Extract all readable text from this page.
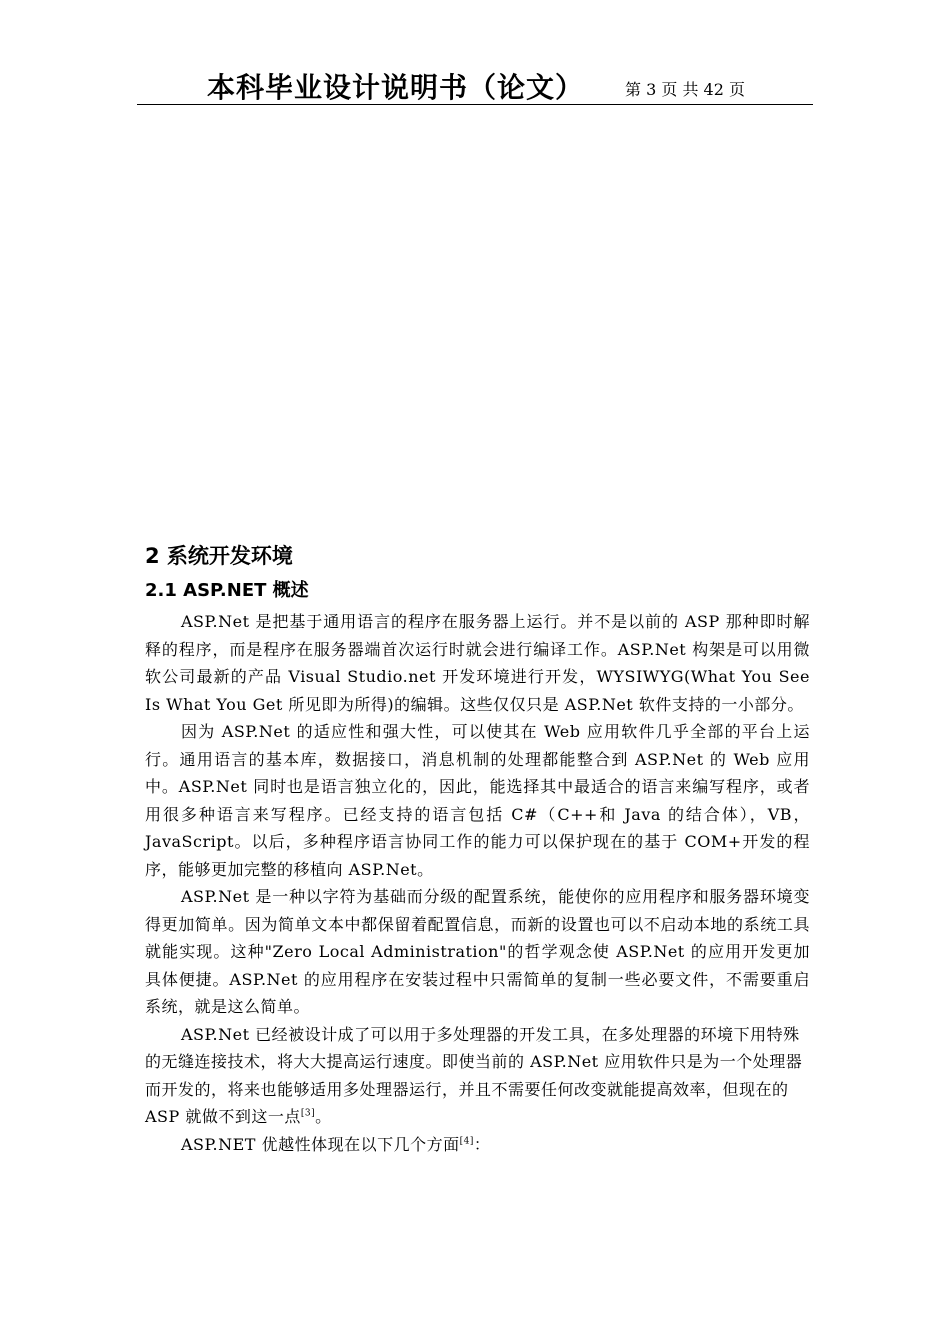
本科毕业设计说明书（论文）	第 3 页 共 42 页
2 系统开发环境
2.1 ASP.NET 概述

ASP.Net 是把基于通用语言的程序在服务器上运行。并不是以前的 ASP 那种即时解释的程序，而是程序在服务器端首次运行时就会进行编译工作。ASP.Net 构架是可以用微软公司最新的产品 Visual Studio.net 开发环境进行开发，WYSIWYG(What You See Is What You Get 所见即为所得)的编辑。这些仅仅只是 ASP.Net 软件支持的一小部分。

因为 ASP.Net 的适应性和强大性，可以使其在 Web 应用软件几乎全部的平台上运行。通用语言的基本库，数据接口，消息机制的处理都能整合到 ASP.Net 的 Web 应用中。ASP.Net 同时也是语言独立化的，因此，能选择其中最适合的语言来编写程序，或者用很多种语言来写程序。已经支持的语言包括 C#（C++和 Java 的结合体），VB，JavaScript。以后，多种程序语言协同工作的能力可以保护现在的基于 COM+开发的程序，能够更加完整的移植向 ASP.Net。

ASP.Net 是一种以字符为基础而分级的配置系统，能使你的应用程序和服务器环境变得更加简单。因为简单文本中都保留着配置信息，而新的设置也可以不启动本地的系统工具就能实现。这种"Zero Local Administration"的哲学观念使 ASP.Net 的应用开发更加具体便捷。ASP.Net 的应用程序在安装过程中只需简单的复制一些必要文件，不需要重启系统，就是这么简单。

ASP.Net 已经被设计成了可以用于多处理器的开发工具，在多处理器的环境下用特殊的无缝连接技术，将大大提高运行速度。即使当前的 ASP.Net 应用软件只是为一个处理器而开发的，将来也能够适用多处理器运行，并且不需要任何改变就能提高效率，但现在的 ASP 就做不到这一点[3]。

ASP.NET 优越性体现在以下几个方面[4]：
